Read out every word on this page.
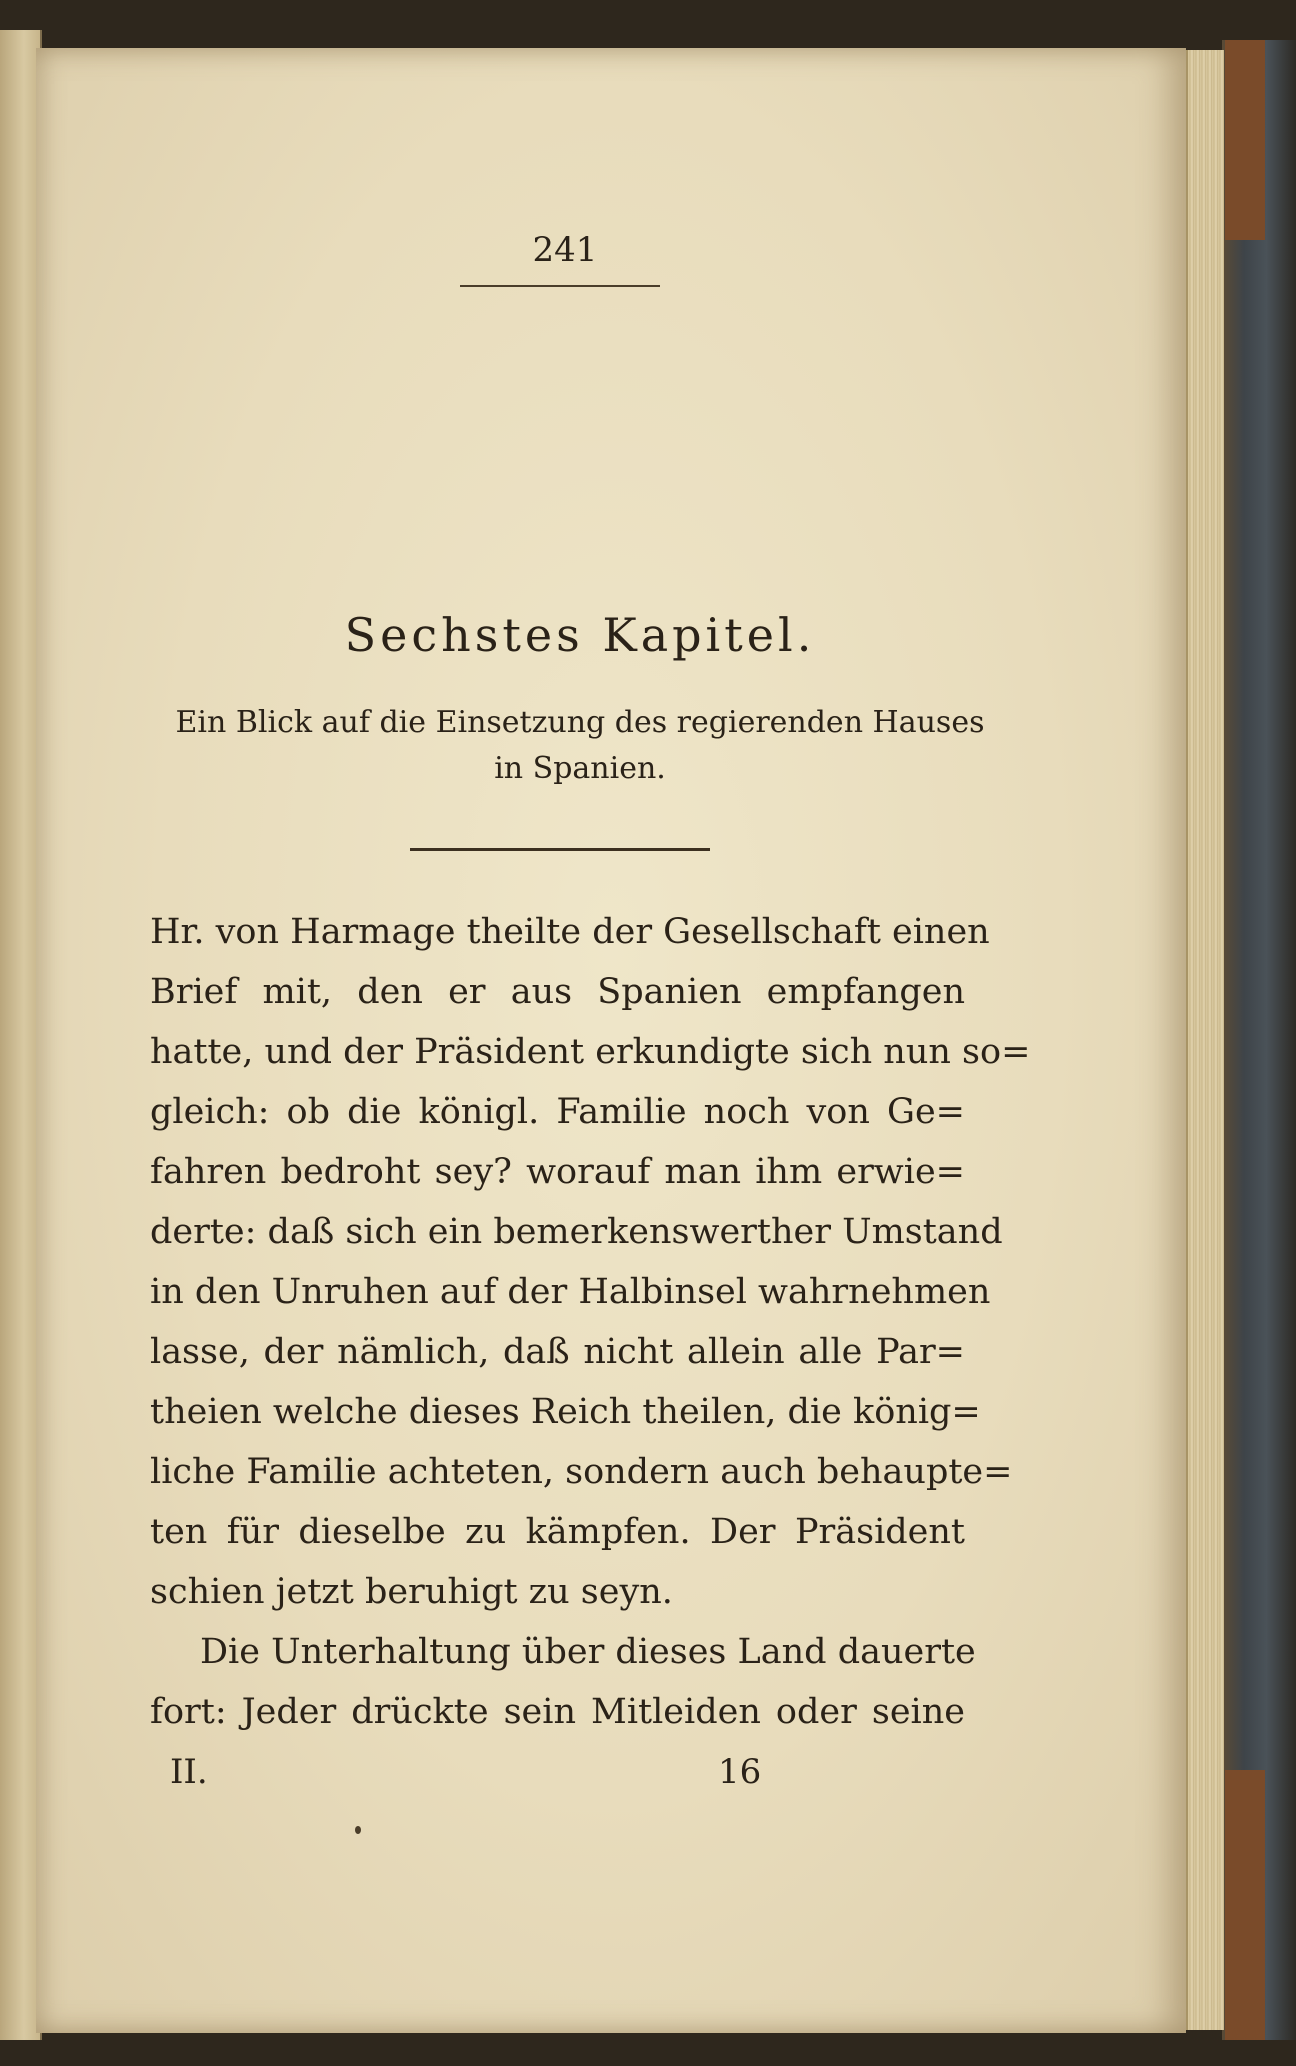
241
Sechstes Kapitel.
Ein Blick auf die Einsetzung des regierenden Hauses
in Spanien.
Hr. von Harmage theilte der Gesellschaft einen
Brief mit, den er aus Spanien empfangen
hatte, und der Präsident erkundigte sich nun so=
gleich: ob die königl. Familie noch von Ge=
fahren bedroht sey? worauf man ihm erwie=
derte: daß sich ein bemerkenswerther Umstand
in den Unruhen auf der Halbinsel wahrnehmen
lasse, der nämlich, daß nicht allein alle Par=
theien welche dieses Reich theilen, die könig=
liche Familie achteten, sondern auch behaupte=
ten für dieselbe zu kämpfen. Der Präsident
schien jetzt beruhigt zu seyn.
Die Unterhaltung über dieses Land dauerte
fort: Jeder drückte sein Mitleiden oder seine
II.	16
